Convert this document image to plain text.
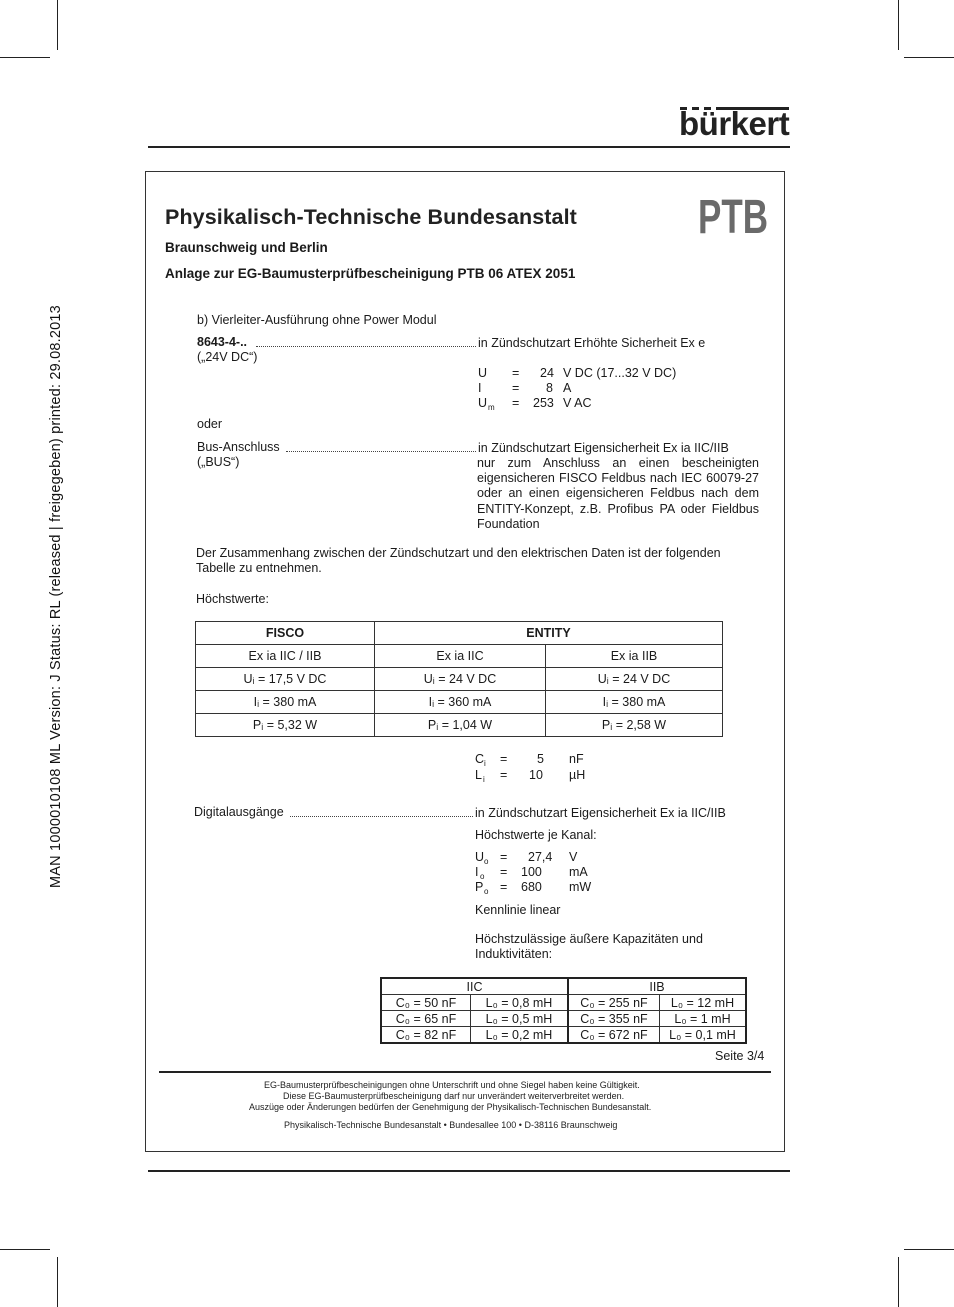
MAN 1000010108 ML Version: J Status: RL (released | freigegeben) printed: 29.08.2013
bürkert
Physikalisch-Technische Bundesanstalt
Braunschweig und Berlin
Anlage zur EG-Baumusterprüfbescheinigung PTB 06 ATEX 2051
PTB
b) Vierleiter-Ausführung ohne Power Modul
8643-4-..	in Zündschutzart Erhöhte Sicherheit Ex e
(„24V DC“)
U = 24 V DC (17...32 V DC)
I = 8 A
U m = 253 V AC
oder
Bus-Anschluss	in Zündschutzart Eigensicherheit Ex ia IIC/IIB
(„BUS“)	nur zum Anschluss an einen bescheinigten eigensicheren FISCO Feldbus nach IEC 60079-27 oder an einen eigensicheren Feldbus nach dem ENTITY-Konzept, z.B. Profibus PA oder Fieldbus Foundation
Der Zusammenhang zwischen der Zündschutzart und den elektrischen Daten ist der folgenden Tabelle zu entnehmen.
Höchstwerte:
FISCO	ENTITY	
Ex ia IIC / IIB	Ex ia IIC	Ex ia IIB
Uᵢ = 17,5 V DC	Uᵢ = 24 V DC	Uᵢ = 24 V DC
Iᵢ = 380 mA	Iᵢ = 360 mA	Iᵢ = 380 mA
Pᵢ = 5,32 W	Pᵢ = 1,04 W	Pᵢ = 2,58 W
C i = 5 nF
L i = 10 µH
Digitalausgänge	in Zündschutzart Eigensicherheit Ex ia IIC/IIB
Höchstwerte je Kanal:
U o = 27,4 V
I o = 100 mA
P o = 680 mW
Kennlinie linear
Höchstzulässige äußere Kapazitäten und Induktivitäten:
IIC		IIB	
C₀ = 50 nF	L₀ = 0,8 mH	C₀ = 255 nF	L₀ = 12 mH
C₀ = 65 nF	L₀ = 0,5 mH	C₀ = 355 nF	L₀ = 1 mH
C₀ = 82 nF	L₀ = 0,2 mH	C₀ = 672 nF	L₀ = 0,1 mH
Seite 3/4
EG-Baumusterprüfbescheinigungen ohne Unterschrift und ohne Siegel haben keine Gültigkeit.
Diese EG-Baumusterprüfbescheinigung darf nur unverändert weiterverbreitet werden.
Auszüge oder Änderungen bedürfen der Genehmigung der Physikalisch-Technischen Bundesanstalt.
Physikalisch-Technische Bundesanstalt • Bundesallee 100 • D-38116 Braunschweig
